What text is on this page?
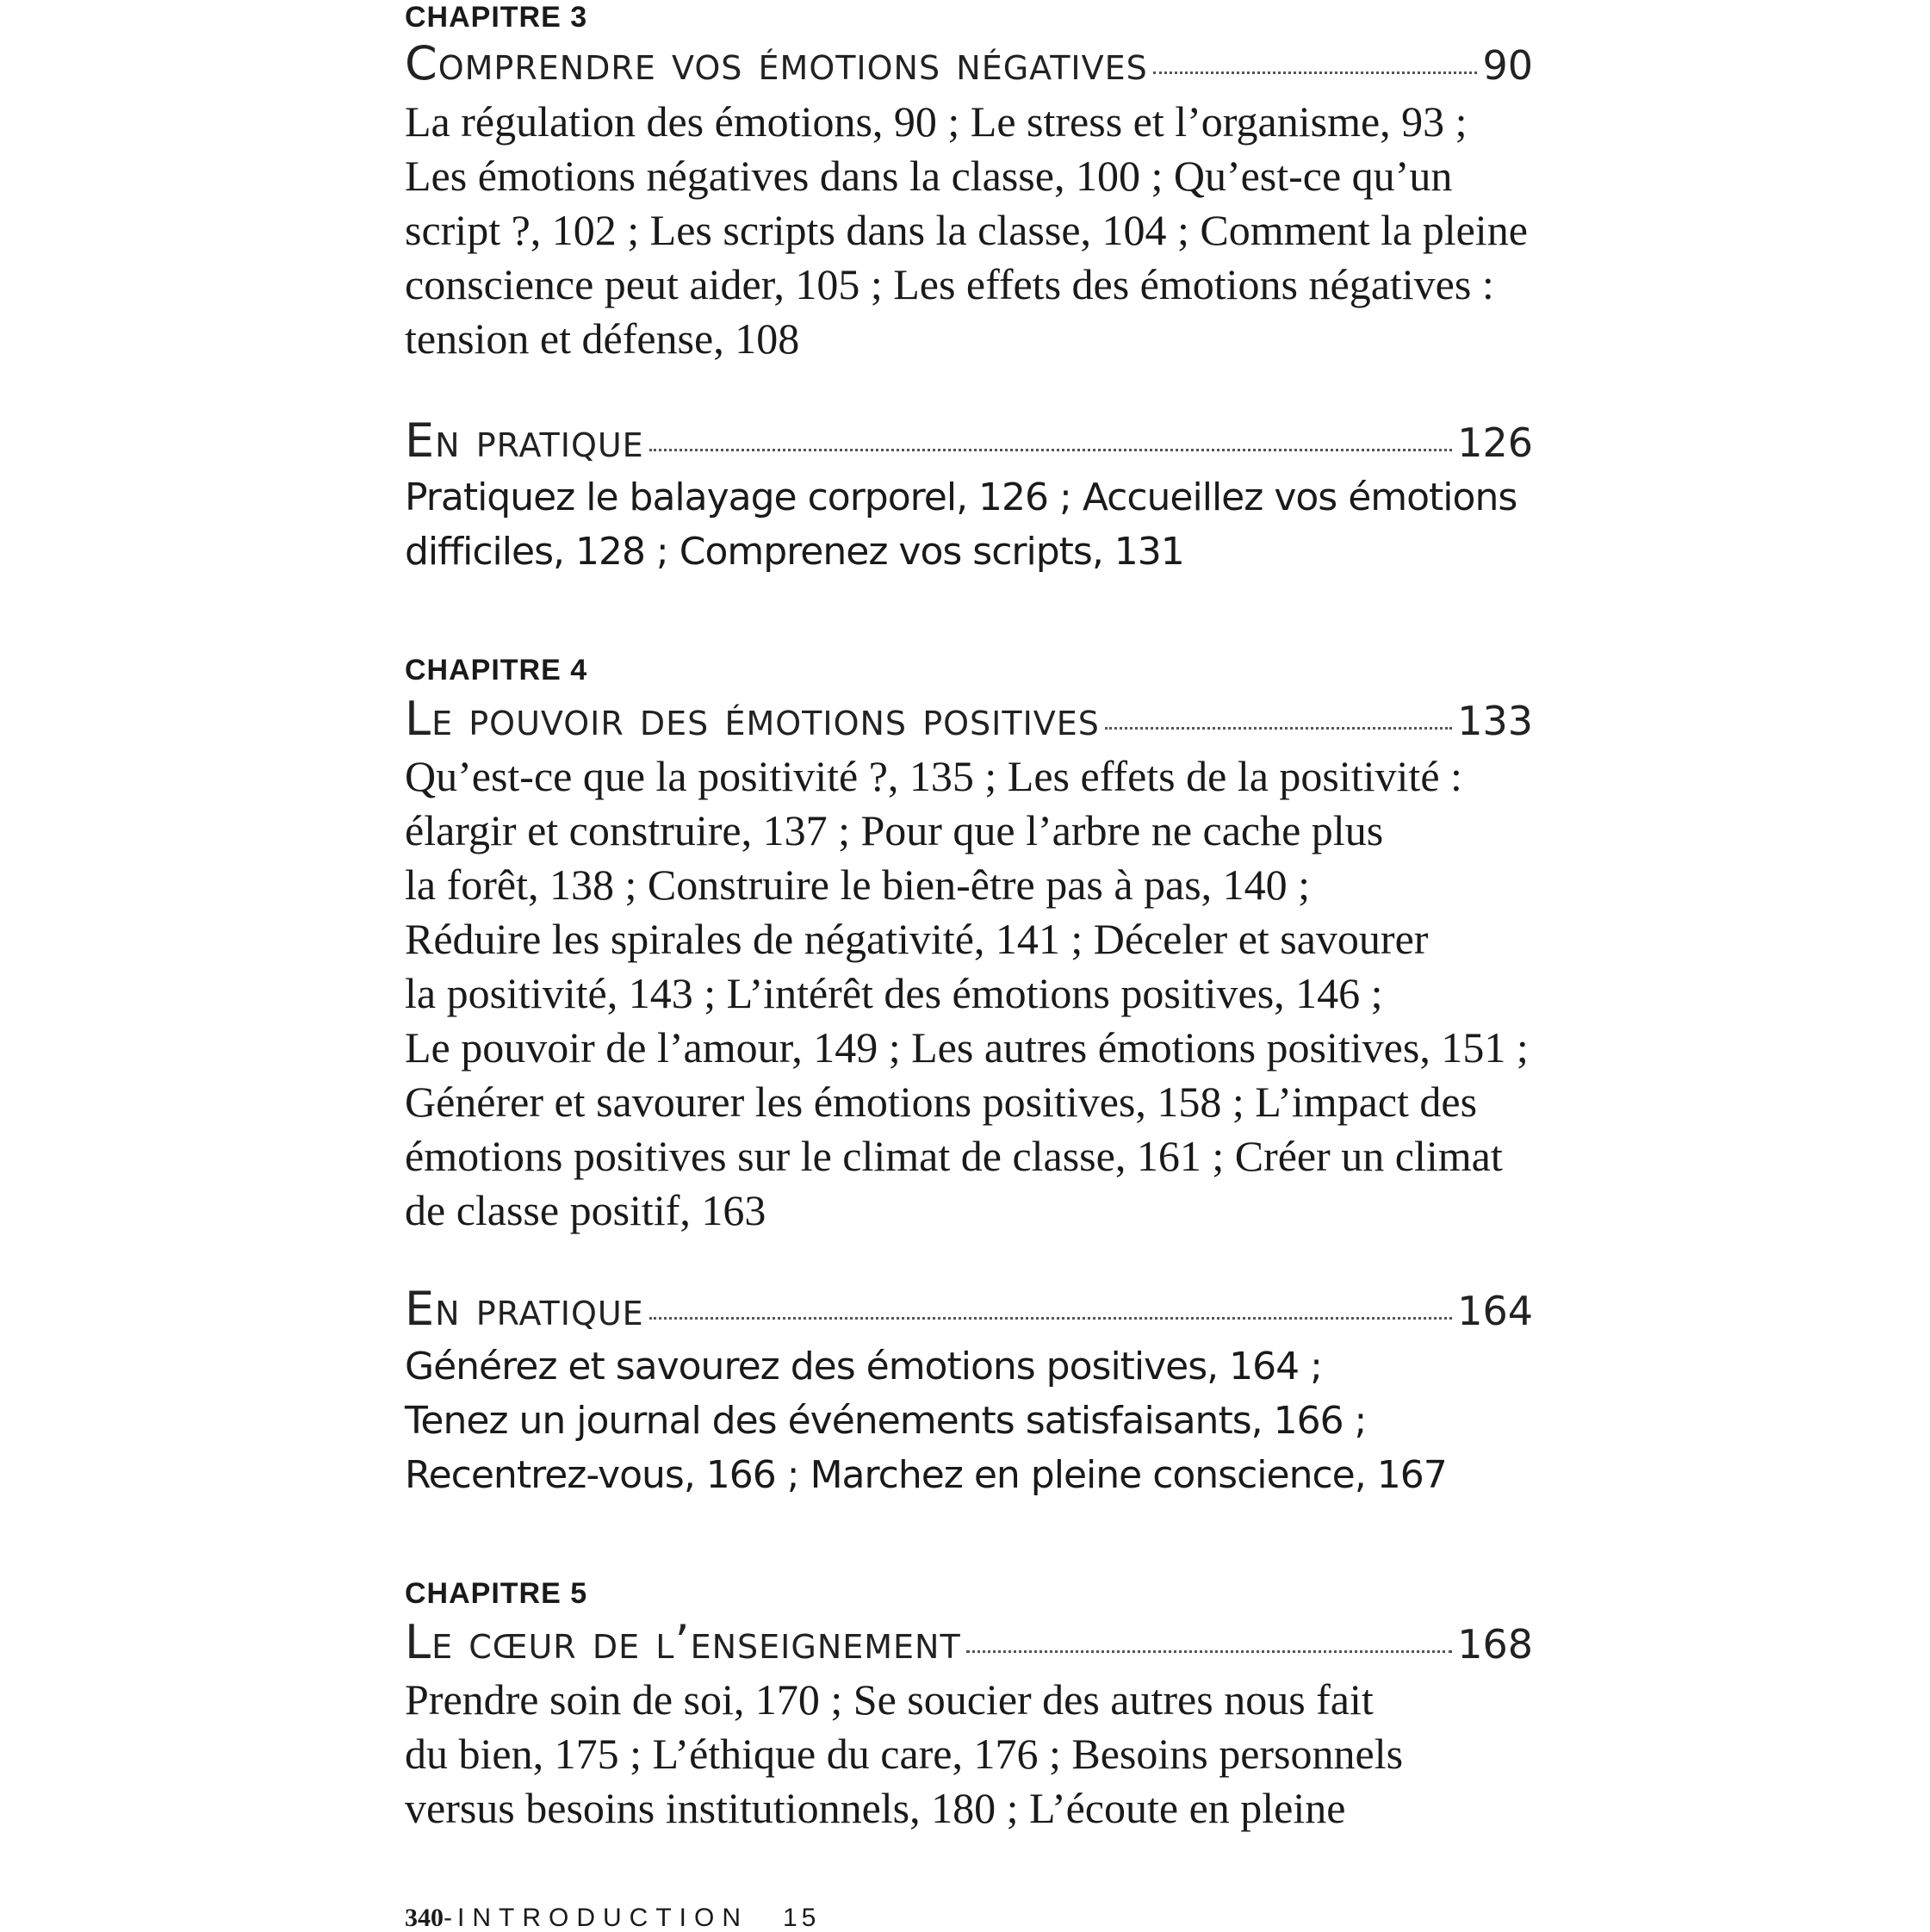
CHAPITRE 3
Comprendre vos émotions négatives	90
La régulation des émotions, 90 ; Le stress et l’organisme, 93 ;
Les émotions négatives dans la classe, 100 ; Qu’est-ce qu’un
script ?, 102 ; Les scripts dans la classe, 104 ; Comment la pleine
conscience peut aider, 105 ; Les effets des émotions négatives :
tension et défense, 108
En pratique	126
Pratiquez le balayage corporel, 126 ; Accueillez vos émotions
difficiles, 128 ; Comprenez vos scripts, 131
CHAPITRE 4
Le pouvoir des émotions positives	133
Qu’est-ce que la positivité ?, 135 ; Les effets de la positivité :
élargir et construire, 137 ; Pour que l’arbre ne cache plus
la forêt, 138 ; Construire le bien-être pas à pas, 140 ;
Réduire les spirales de négativité, 141 ; Déceler et savourer
la positivité, 143 ; L’intérêt des émotions positives, 146 ;
Le pouvoir de l’amour, 149 ; Les autres émotions positives, 151 ;
Générer et savourer les émotions positives, 158 ; L’impact des
émotions positives sur le climat de classe, 161 ; Créer un climat
de classe positif, 163
En pratique	164
Générez et savourez des émotions positives, 164 ;
Tenez un journal des événements satisfaisants, 166 ;
Recentrez-vous, 166 ; Marchez en pleine conscience, 167
CHAPITRE 5
Le cœur de l’enseignement	168
Prendre soin de soi, 170 ; Se soucier des autres nous fait
du bien, 175 ; L’éthique du care, 176 ; Besoins personnels
versus besoins institutionnels, 180 ; L’écoute en pleine
340- INTRODUCTION 15
